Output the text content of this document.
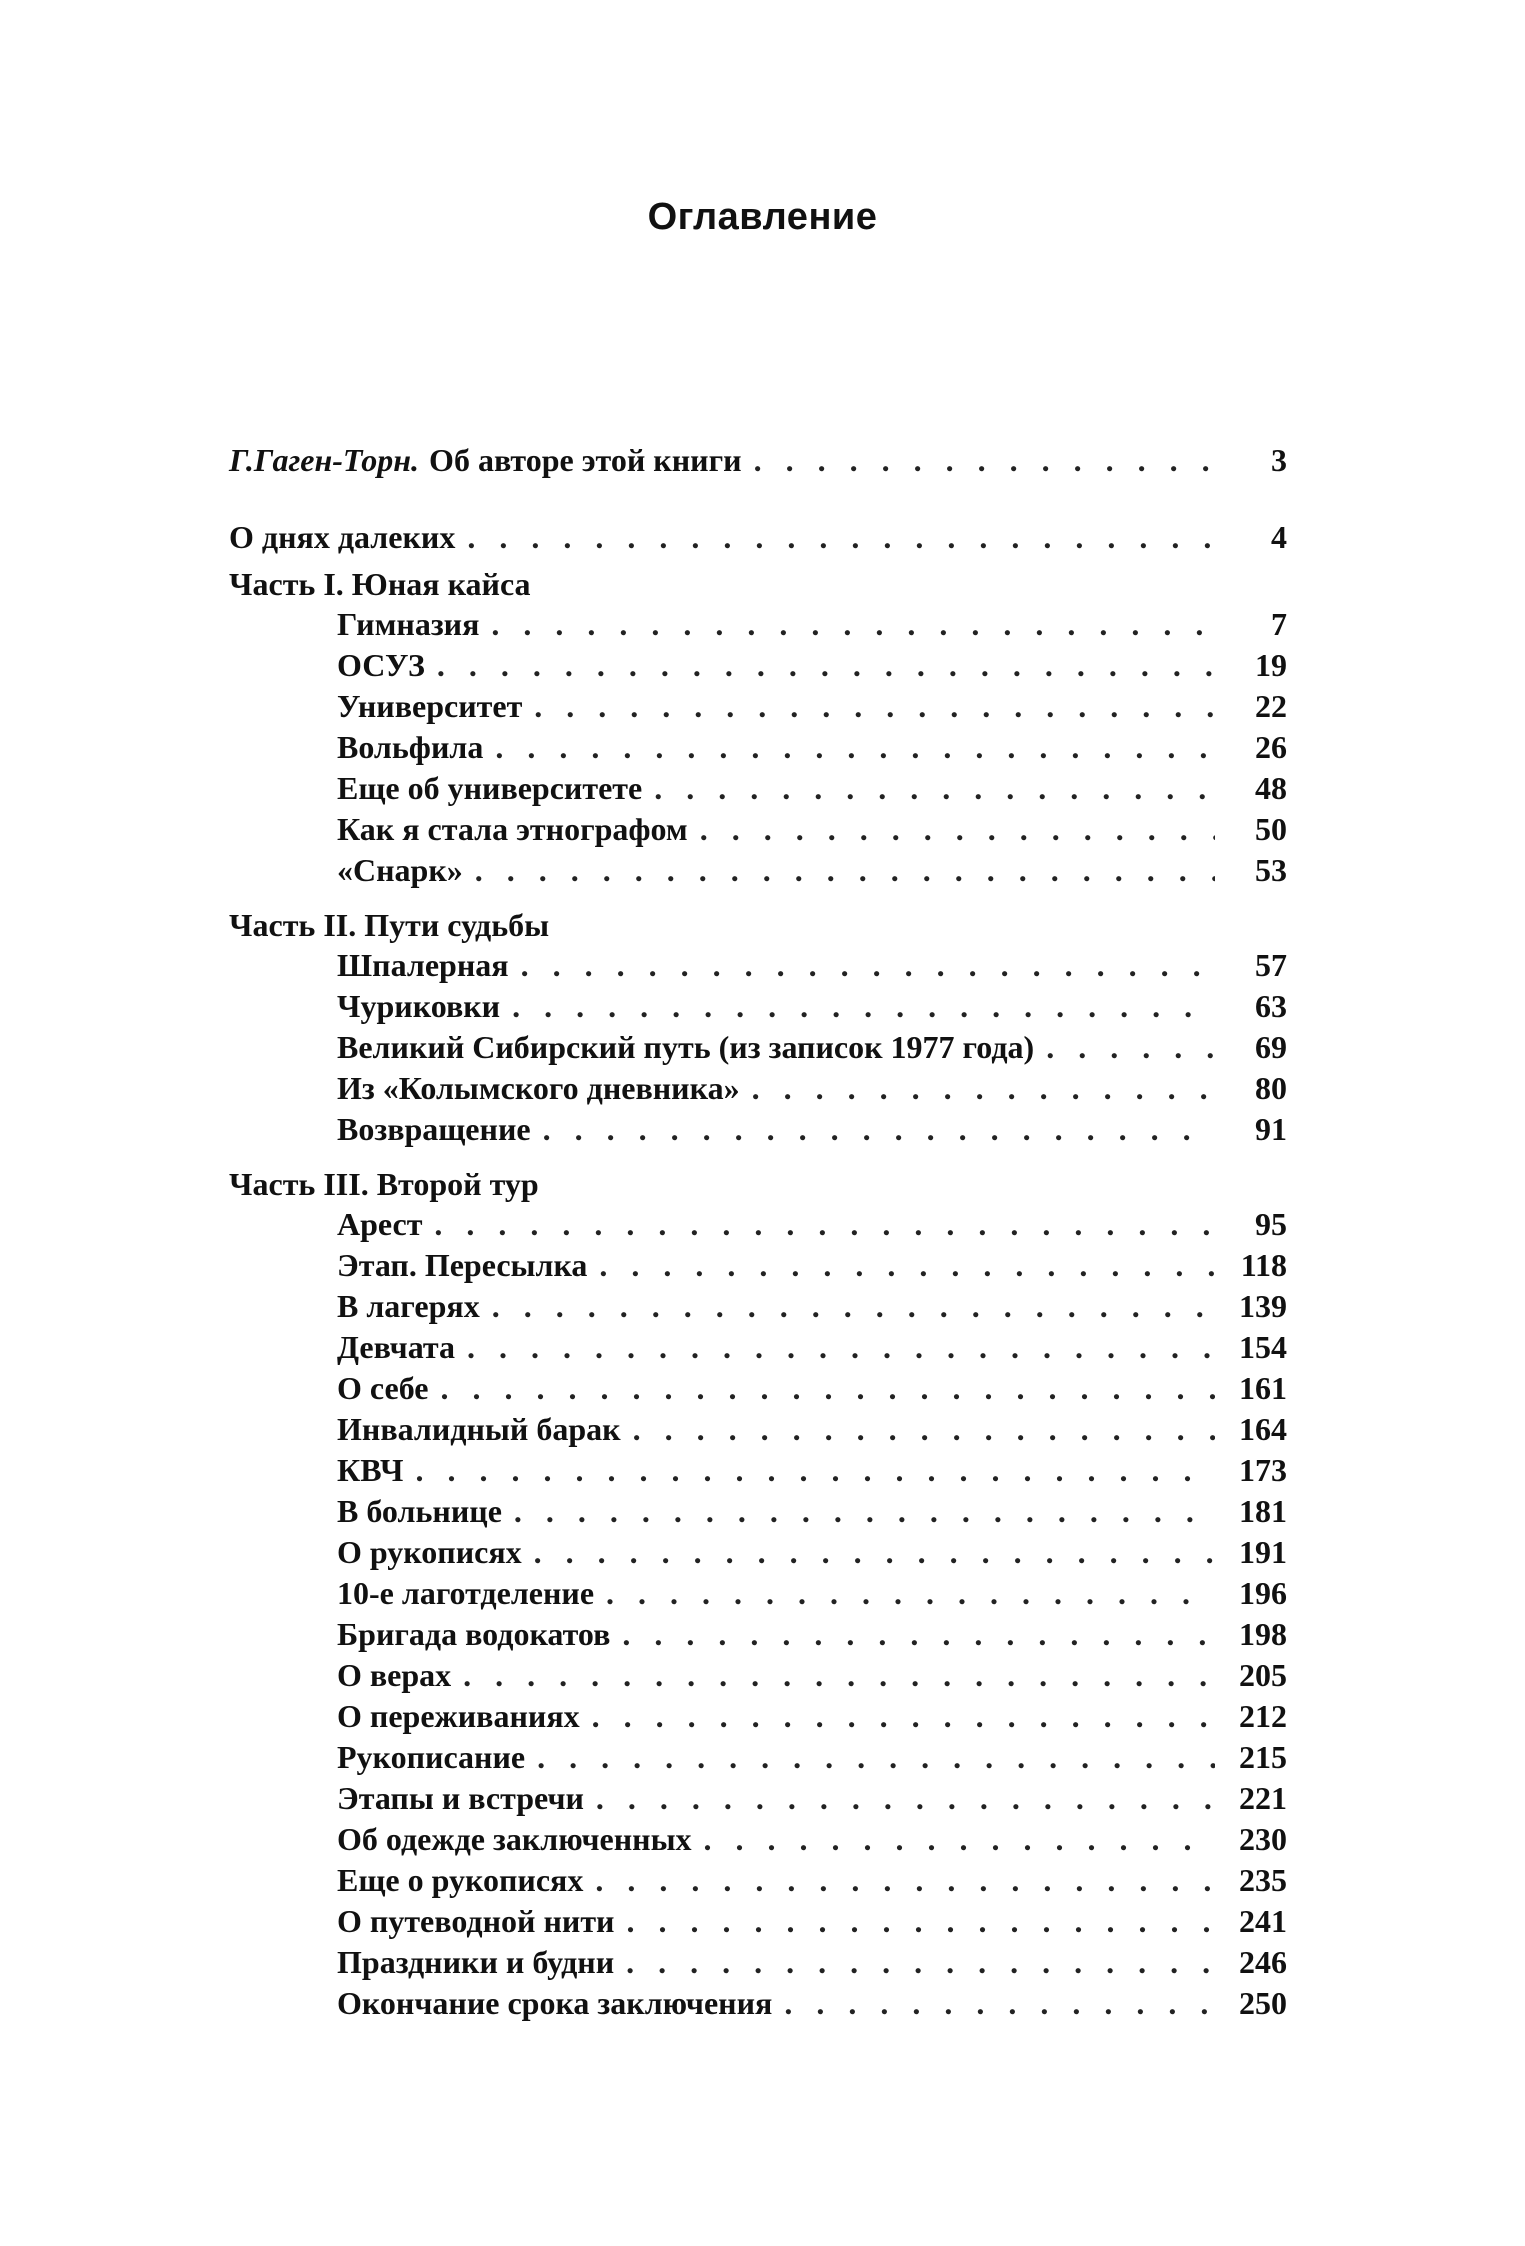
Оглавление
Г.Гаген-Торн. Об авторе этой книги . . .	3
О днях далеких . . .	4
Часть I. Юная кайса
Гимназия . . .	7
ОСУЗ . . .	19
Университет . . .	22
Вольфила . . .	26
Еще об университете . . .	48
Как я стала этнографом . . .	50
«Снарк» . . .	53
Часть II. Пути судьбы
Шпалерная . . .	57
Чуриковки . . .	63
Великий Сибирский путь (из записок 1977 года) . . .	69
Из «Колымского дневника» . . .	80
Возвращение . . .	91
Часть III. Второй тур
Арест . . .	95
Этап. Пересылка . . .	118
В лагерях . . .	139
Девчата . . .	154
О себе . . .	161
Инвалидный барак . . .	164
КВЧ . . .	173
В больнице . . .	181
О рукописях . . .	191
10-е лаготделение . . .	196
Бригада водокатов . . .	198
О верах . . .	205
О переживаниях . . .	212
Рукописание . . .	215
Этапы и встречи . . .	221
Об одежде заключенных . . .	230
Еще о рукописях . . .	235
О путеводной нити . . .	241
Праздники и будни . . .	246
Окончание срока заключения . . .	250
